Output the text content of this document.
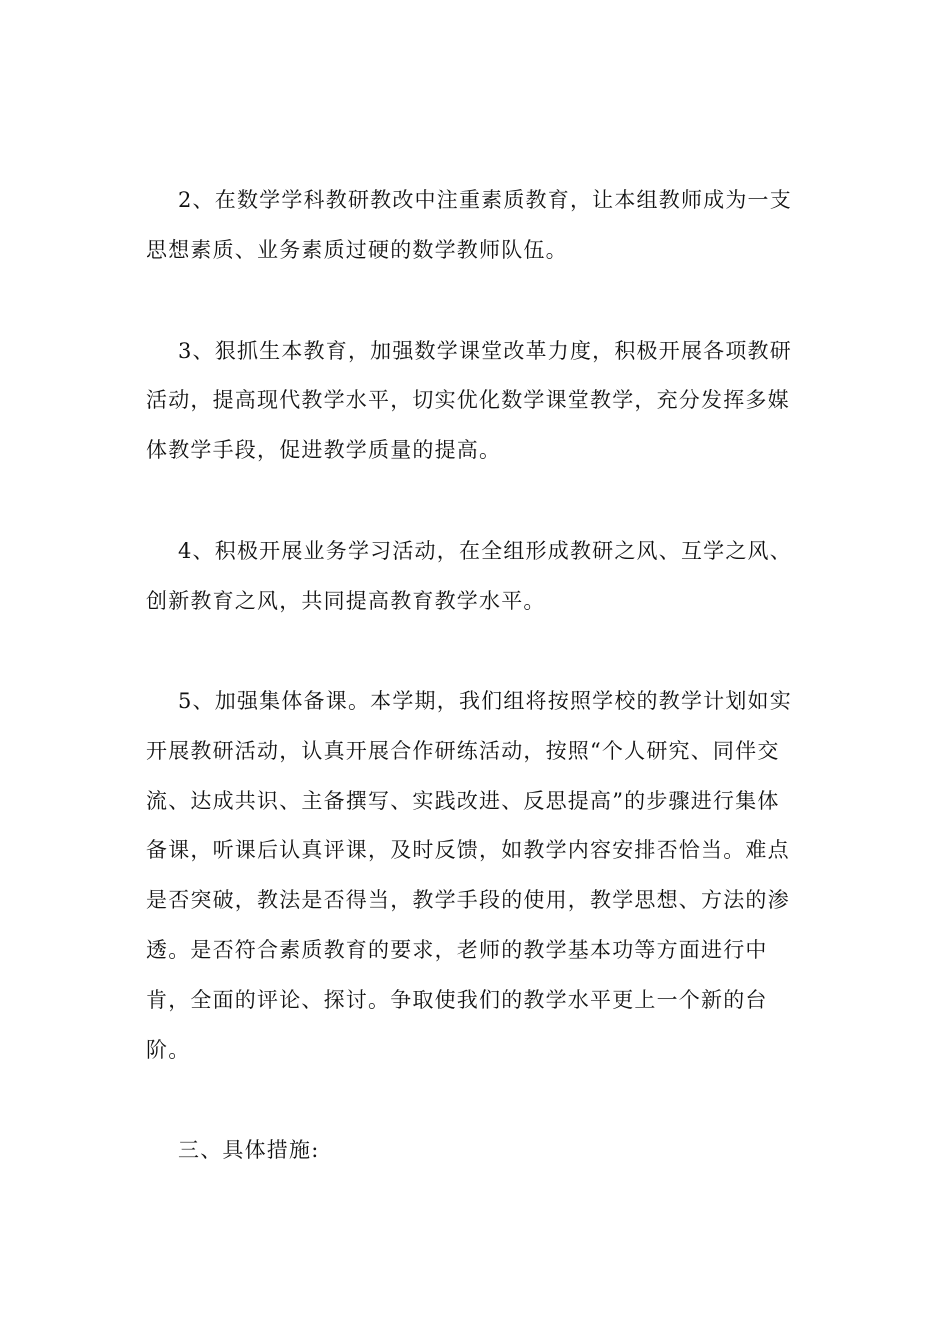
2、在数学学科教研教改中注重素质教育，让本组教师成为一支
思想素质、业务素质过硬的数学教师队伍。
3、狠抓生本教育，加强数学课堂改革力度，积极开展各项教研
活动，提高现代教学水平，切实优化数学课堂教学，充分发挥多媒
体教学手段，促进教学质量的提高。
4、积极开展业务学习活动，在全组形成教研之风、互学之风、
创新教育之风，共同提高教育教学水平。
5、加强集体备课。本学期，我们组将按照学校的教学计划如实
开展教研活动，认真开展合作研练活动，按照“个人研究、同伴交
流、达成共识、主备撰写、实践改进、反思提高”的步骤进行集体
备课，听课后认真评课，及时反馈，如教学内容安排否恰当。难点
是否突破，教法是否得当，教学手段的使用，教学思想、方法的渗
透。是否符合素质教育的要求，老师的教学基本功等方面进行中
肯，全面的评论、探讨。争取使我们的教学水平更上一个新的台
阶。
三、具体措施:
